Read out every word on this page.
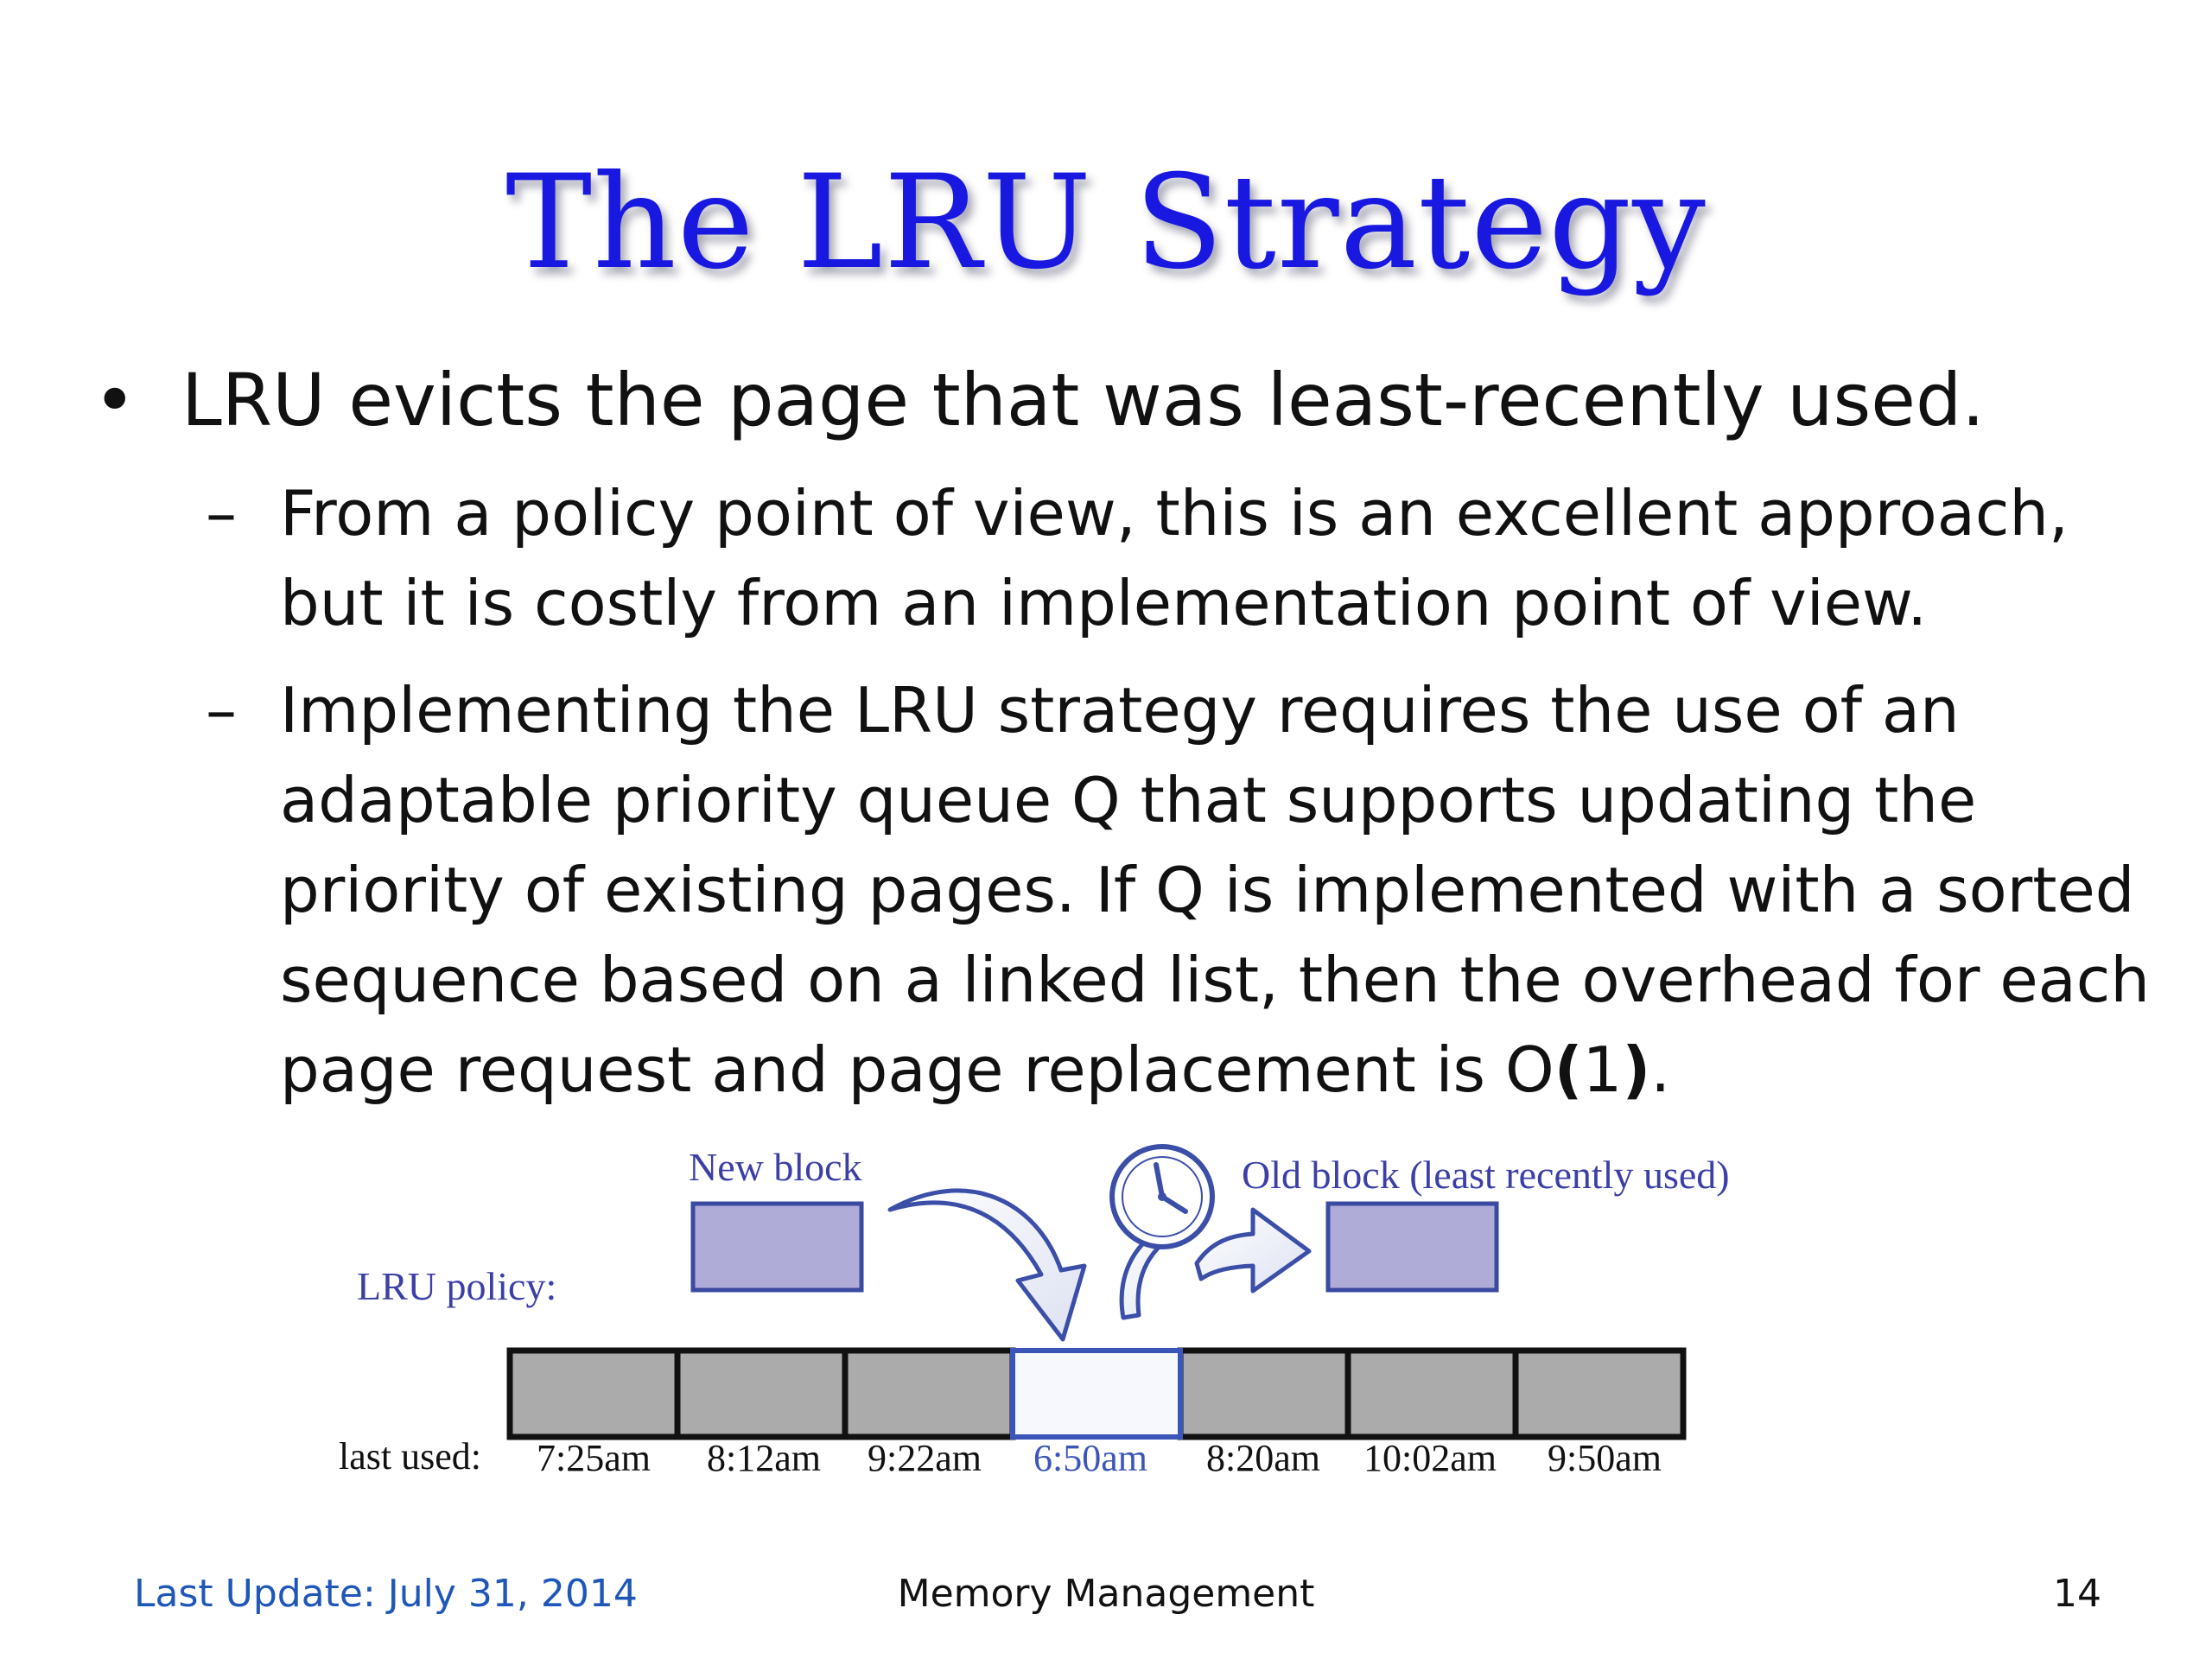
The LRU Strategy
• LRU evicts the page that was least-recently used.
– From a policy point of view, this is an excellent approach, but it is costly from an implementation point of view.
– Implementing the LRU strategy requires the use of an adaptable priority queue Q that supports updating the priority of existing pages. If Q is implemented with a sorted sequence based on a linked list, then the overhead for each page request and page replacement is O(1).
New block	Old block (least recently used)
LRU policy:
last used: 7:25am 8:12am 9:22am 6:50am 8:20am 10:02am 9:50am
Last Update: July 31, 2014	Memory Management	14
